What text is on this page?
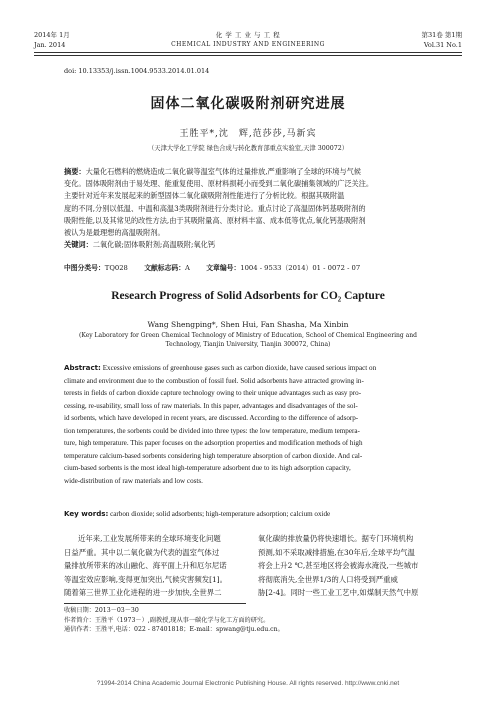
2014年 1月
Jan. 2014
化 学 工 业 与 工 程
CHEMICAL INDUSTRY AND ENGINEERING
第31卷 第1期
Vol.31 No.1
doi: 10.13353/j.issn.1004.9533.2014.01.014
固体二氧化碳吸附剂研究进展
王胜平*,沈　辉,范莎莎,马新宾
（天津大学化工学院 绿色合成与转化教育部重点实验室,天津 300072）
摘要：大量化石燃料的燃烧造成二氧化碳等温室气体的过量排放,严重影响了全球的环境与气候
变化。固体吸附剂由于易处理、能重复使用、原材料损耗小而受到二氧化碳捕集领域的广泛关注。
主要针对近年来发展起来的新型固体二氧化碳吸附剂性能进行了分析比较。根据其吸附温
度的不同,分别以低温、中温和高温3类吸附剂进行分类讨论。重点讨论了高温固体钙基吸附剂的
吸附性能,以及其常见的改性方法,由于其吸附量高、原材料丰富、成本低等优点,氧化钙基吸附剂
被认为是最理想的高温吸附剂。
关键词：二氧化碳;固体吸附剂;高温吸附;氧化钙
中图分类号：TQ028 文献标志码：A 文章编号：1004 - 9533（2014）01 - 0072 - 07
Research Progress of Solid Adsorbents for CO₂ Capture
Wang Shengping*, Shen Hui, Fan Shasha, Ma Xinbin
(Key Laboratory for Green Chemical Technology of Ministry of Education, School of Chemical Engineering and
Technology, Tianjin University, Tianjin 300072, China)
Abstract: Excessive emissions of greenhouse gases such as carbon dioxide, have caused serious impact on
climate and environment due to the combustion of fossil fuel. Solid adsorbents have attracted growing in-
terests in fields of carbon dioxide capture technology owing to their unique advantages such as easy pro-
cessing, re-usability, small loss of raw materials. In this paper, advantages and disadvantages of the sol-
id sorbents, which have developed in recent years, are discussed. According to the difference of adsorp-
tion temperatures, the sorbents could be divided into three types: the low temperature, medium tempera-
ture, high temperature. This paper focuses on the adsorption properties and modification methods of high
temperature calcium-based sorbents considering high temperature absorption of carbon dioxide. And cal-
cium-based sorbents is the most ideal high-temperature adsorbent due to its high adsorption capacity,
wide-distribution of raw materials and low costs.
Key words: carbon dioxide; solid adsorbents; high-temperature adsorption; calcium oxide
近年来,工业发展所带来的全球环境变化问题
日益严重。其中以二氧化碳为代表的温室气体过
量排放所带来的冰山融化、海平面上升和厄尔尼诺
等温室效应影响,变得更加突出,气候灾害频发[1]。
随着第三世界工业化进程的进一步加快,全世界二
氧化碳的排放量仍将快速增长。据专门环境机构
预测,如不采取减排措施,在30年后,全球平均气温
将会上升2 ℃,甚至地区将会被海水淹没,一些城市
将彻底消失,全世界1/3的人口将受到严重威
胁[2-4]。同时一些工业工艺中,如煤制天然气中原
收稿日期：2013－03－30
作者简介：王胜平（1973－）,副教授,现从事一碳化学与化工方面的研究。
通信作者：王胜平,电话：022 - 87401818；E-mail：spwang@tju.edu.cn。
?1994-2014 China Academic Journal Electronic Publishing House. All rights reserved. http://www.cnki.net
